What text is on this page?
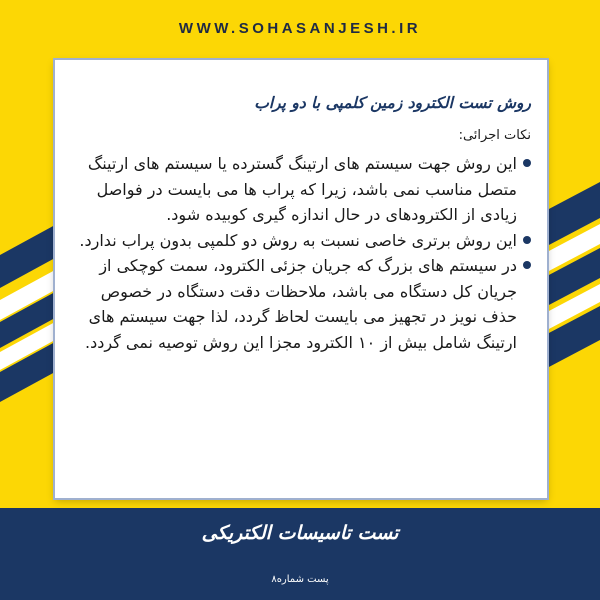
WWW.SOHASANJESH.IR
روش تست الکترود زمین کلمپی با دو پراب
نکات اجرائی:
این روش جهت سیستم های ارتینگ گسترده یا سیستم های ارتینگ متصل مناسب نمی باشد، زیرا که پراب ها می بایست در فواصل زیادی از الکترودهای در حال اندازه گیری کوبیده شود.
این روش برتری خاصی نسبت به روش دو کلمپی بدون پراب ندارد.
در سیستم های بزرگ که جریان جزئی الکترود، سمت کوچکی از جریان کل دستگاه می باشد، ملاحظات دقت دستگاه در خصوص حذف نویز در تجهیز می بایست لحاظ گردد، لذا جهت سیستم های ارتینگ شامل بیش از ۱۰ الکترود مجزا این روش توصیه نمی گردد.
تست تاسیسات الکتریکی
پست شماره۸
